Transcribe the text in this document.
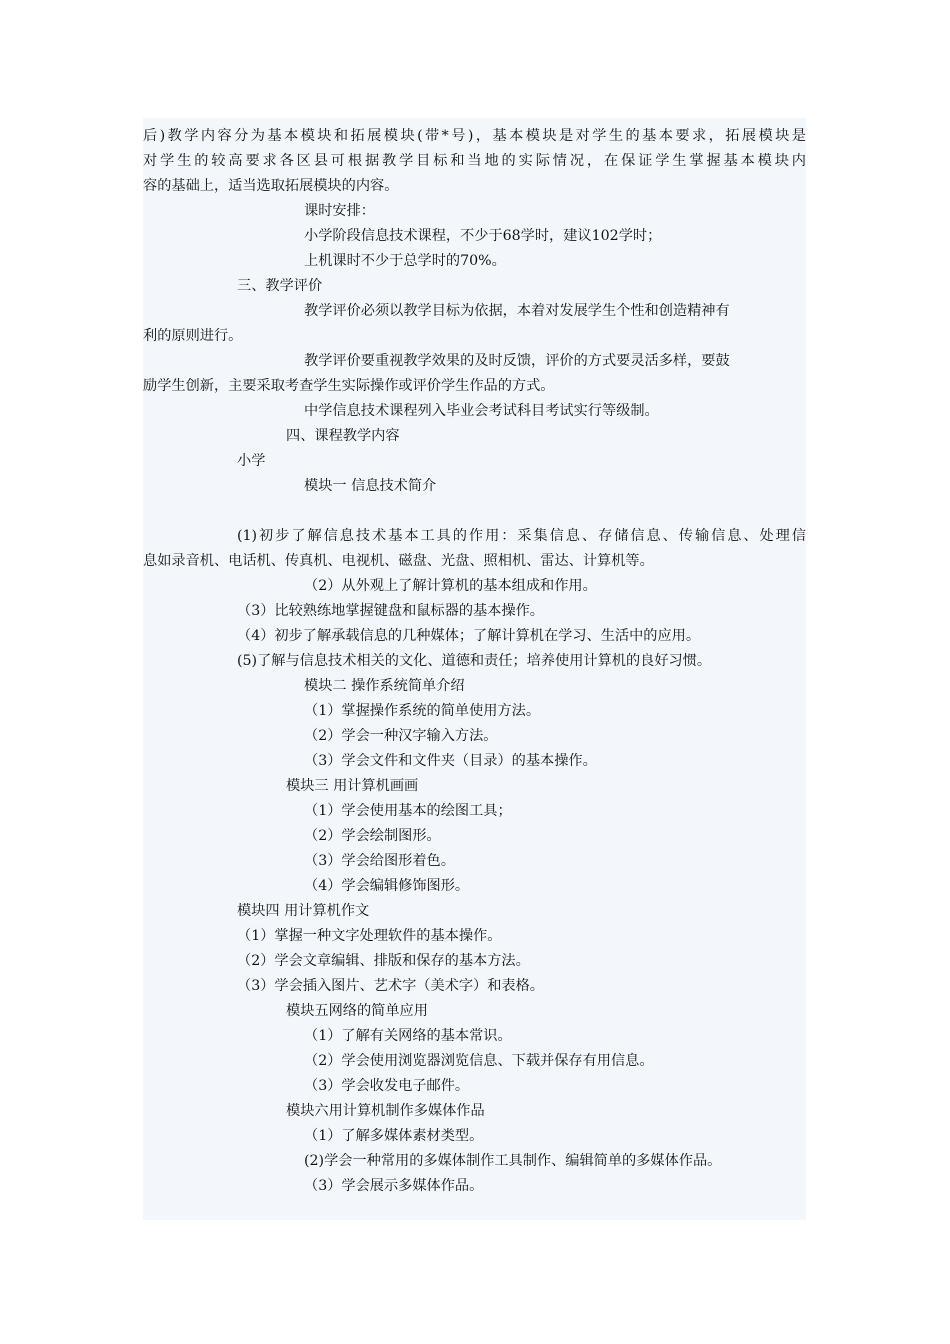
后)教学内容分为基本模块和拓展模块(带*号)，基本模块是对学生的基本要求，拓展模块是
对学生的较高要求各区县可根据教学目标和当地的实际情况，在保证学生掌握基本模块内
容的基础上，适当选取拓展模块的内容。
课时安排：
小学阶段信息技术课程，不少于68学时，建议102学时；
上机课时不少于总学时的70%。
三、教学评价
教学评价必须以教学目标为依据，本着对发展学生个性和创造精神有
利的原则进行。
教学评价要重视教学效果的及时反馈，评价的方式要灵活多样，要鼓
励学生创新，主要采取考查学生实际操作或评价学生作品的方式。
中学信息技术课程列入毕业会考试科目考试实行等级制。
四、课程教学内容
小学
模块一 信息技术简介
(1)初步了解信息技术基本工具的作用：采集信息、存储信息、传输信息、处理信
息如录音机、电话机、传真机、电视机、磁盘、光盘、照相机、雷达、计算机等。
（2）从外观上了解计算机的基本组成和作用。
（3）比较熟练地掌握键盘和鼠标器的基本操作。
（4）初步了解承载信息的几种媒体；了解计算机在学习、生活中的应用。
(5)了解与信息技术相关的文化、道德和责任；培养使用计算机的良好习惯。
模块二 操作系统简单介绍
（1）掌握操作系统的简单使用方法。
（2）学会一种汉字输入方法。
（3）学会文件和文件夹（目录）的基本操作。
模块三 用计算机画画
（1）学会使用基本的绘图工具；
（2）学会绘制图形。
（3）学会给图形着色。
（4）学会编辑修饰图形。
模块四 用计算机作文
（1）掌握一种文字处理软件的基本操作。
（2）学会文章编辑、排版和保存的基本方法。
（3）学会插入图片、艺术字（美术字）和表格。
模块五网络的简单应用
（1）了解有关网络的基本常识。
（2）学会使用浏览器浏览信息、下载并保存有用信息。
（3）学会收发电子邮件。
模块六用计算机制作多媒体作品
（1）了解多媒体素材类型。
(2)学会一种常用的多媒体制作工具制作、编辑简单的多媒体作品。
（3）学会展示多媒体作品。
